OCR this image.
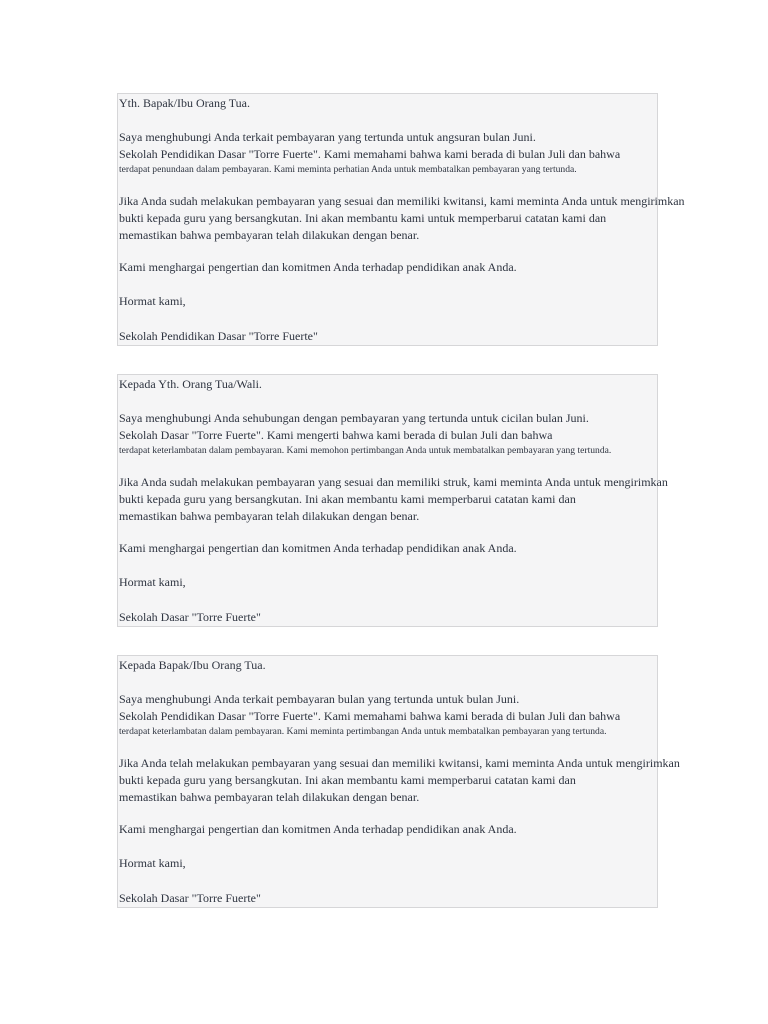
Yth. Bapak/Ibu Orang Tua.

Saya menghubungi Anda terkait pembayaran yang tertunda untuk angsuran bulan Juni.

Sekolah Pendidikan Dasar "Torre Fuerte". Kami memahami bahwa kami berada di bulan Juli dan bahwa

terdapat penundaan dalam pembayaran. Kami meminta perhatian Anda untuk membatalkan pembayaran yang tertunda.

Jika Anda sudah melakukan pembayaran yang sesuai dan memiliki kwitansi, kami meminta Anda untuk mengirimkan

bukti kepada guru yang bersangkutan. Ini akan membantu kami untuk memperbarui catatan kami dan

memastikan bahwa pembayaran telah dilakukan dengan benar.

Kami menghargai pengertian dan komitmen Anda terhadap pendidikan anak Anda.

Hormat kami,

Sekolah Pendidikan Dasar "Torre Fuerte"

Kepada Yth. Orang Tua/Wali.

Saya menghubungi Anda sehubungan dengan pembayaran yang tertunda untuk cicilan bulan Juni.

Sekolah Dasar "Torre Fuerte". Kami mengerti bahwa kami berada di bulan Juli dan bahwa

terdapat keterlambatan dalam pembayaran. Kami memohon pertimbangan Anda untuk membatalkan pembayaran yang tertunda.

Jika Anda sudah melakukan pembayaran yang sesuai dan memiliki struk, kami meminta Anda untuk mengirimkan

bukti kepada guru yang bersangkutan. Ini akan membantu kami memperbarui catatan kami dan

memastikan bahwa pembayaran telah dilakukan dengan benar.

Kami menghargai pengertian dan komitmen Anda terhadap pendidikan anak Anda.

Hormat kami,

Sekolah Dasar "Torre Fuerte"

Kepada Bapak/Ibu Orang Tua.

Saya menghubungi Anda terkait pembayaran bulan yang tertunda untuk bulan Juni.

Sekolah Pendidikan Dasar "Torre Fuerte". Kami memahami bahwa kami berada di bulan Juli dan bahwa

terdapat keterlambatan dalam pembayaran. Kami meminta pertimbangan Anda untuk membatalkan pembayaran yang tertunda.

Jika Anda telah melakukan pembayaran yang sesuai dan memiliki kwitansi, kami meminta Anda untuk mengirimkan

bukti kepada guru yang bersangkutan. Ini akan membantu kami memperbarui catatan kami dan

memastikan bahwa pembayaran telah dilakukan dengan benar.

Kami menghargai pengertian dan komitmen Anda terhadap pendidikan anak Anda.

Hormat kami,

Sekolah Dasar "Torre Fuerte"
